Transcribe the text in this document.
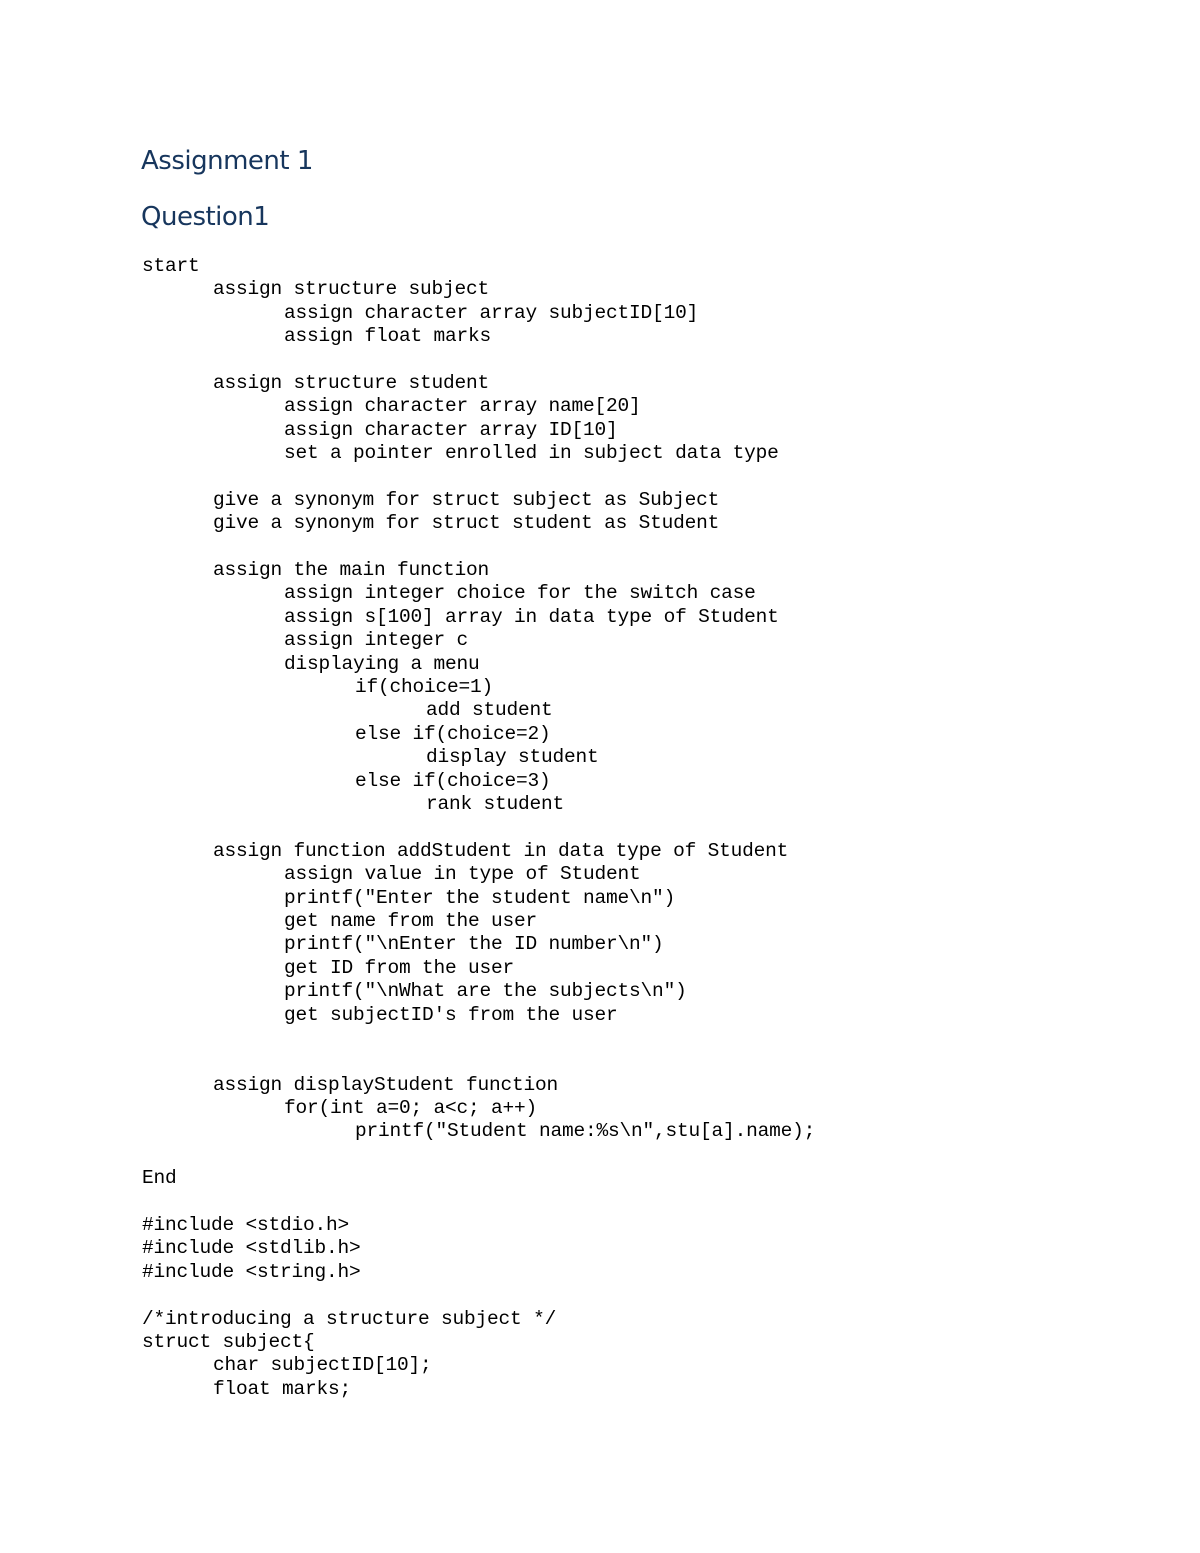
Assignment 1
Question1
start
assign structure subject
assign character array subjectID[10]
assign float marks
assign structure student
assign character array name[20]
assign character array ID[10]
set a pointer enrolled in subject data type
give a synonym for struct subject as Subject
give a synonym for struct student as Student
assign the main function
assign integer choice for the switch case
assign s[100] array in data type of Student
assign integer c
displaying a menu
if(choice=1)
add student
else if(choice=2)
display student
else if(choice=3)
rank student
assign function addStudent in data type of Student
assign value in type of Student
printf("Enter the student name\n")
get name from the user
printf("\nEnter the ID number\n")
get ID from the user
printf("\nWhat are the subjects\n")
get subjectID's from the user
assign displayStudent function
for(int a=0; a<c; a++)
printf("Student name:%s\n",stu[a].name);
End
#include <stdio.h>
#include <stdlib.h>
#include <string.h>
/*introducing a structure subject */
struct subject{
char subjectID[10];
float marks;
